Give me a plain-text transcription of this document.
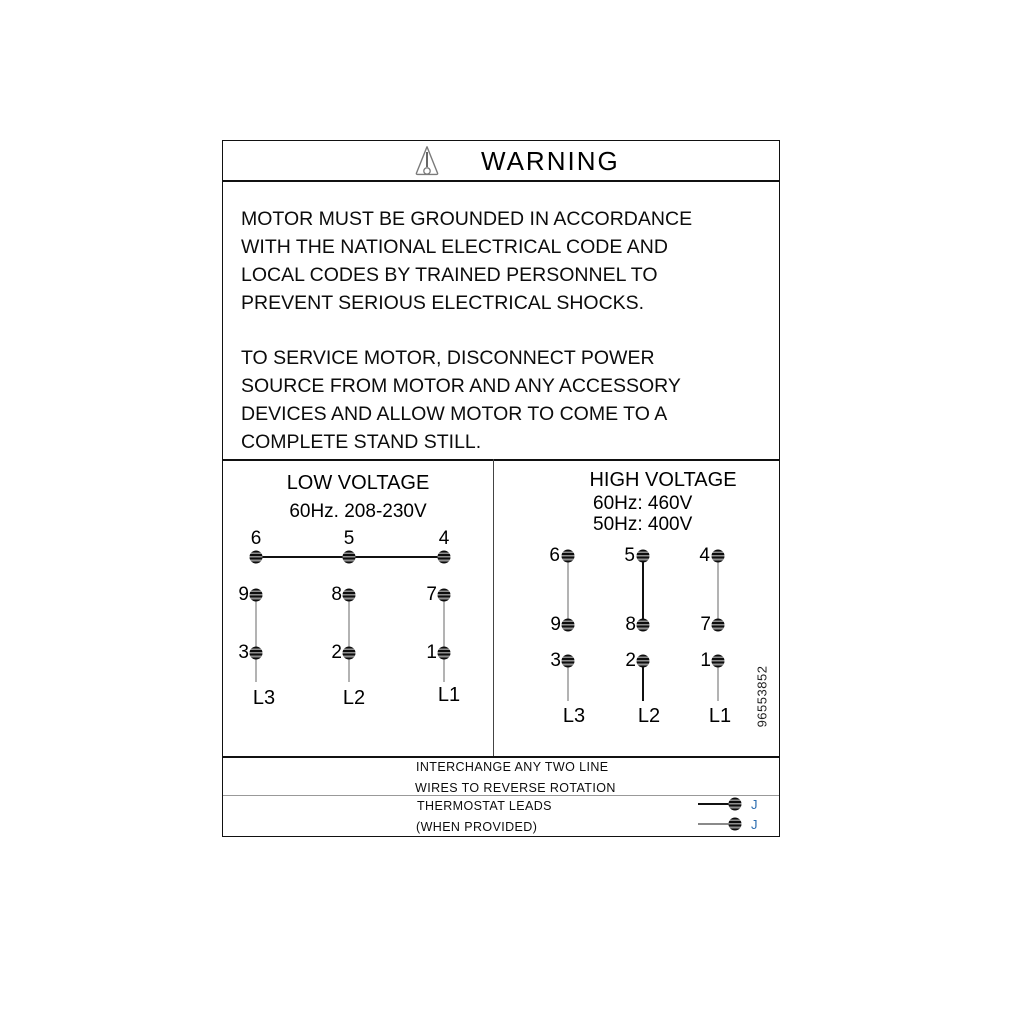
WARNING
MOTOR MUST BE GROUNDED IN ACCORDANCE
WITH THE NATIONAL ELECTRICAL CODE AND
LOCAL CODES BY TRAINED PERSONNEL TO
PREVENT SERIOUS ELECTRICAL SHOCKS.
TO SERVICE MOTOR, DISCONNECT POWER
SOURCE FROM MOTOR AND ANY ACCESSORY
DEVICES AND ALLOW MOTOR TO COME TO A
COMPLETE STAND STILL.
LOW VOLTAGE
60Hz. 208-230V
6	5	4
9	8	7
3	2	1
L3	L2	L1
HIGH VOLTAGE
60Hz: 460V
50Hz: 400V
6	5	4
9	8	7
3	2	1
L3	L2 L1 96553852
INTERCHANGE ANY TWO LINE
WIRES TO REVERSE ROTATION
THERMOSTAT LEADS
(WHEN PROVIDED)
J
J
